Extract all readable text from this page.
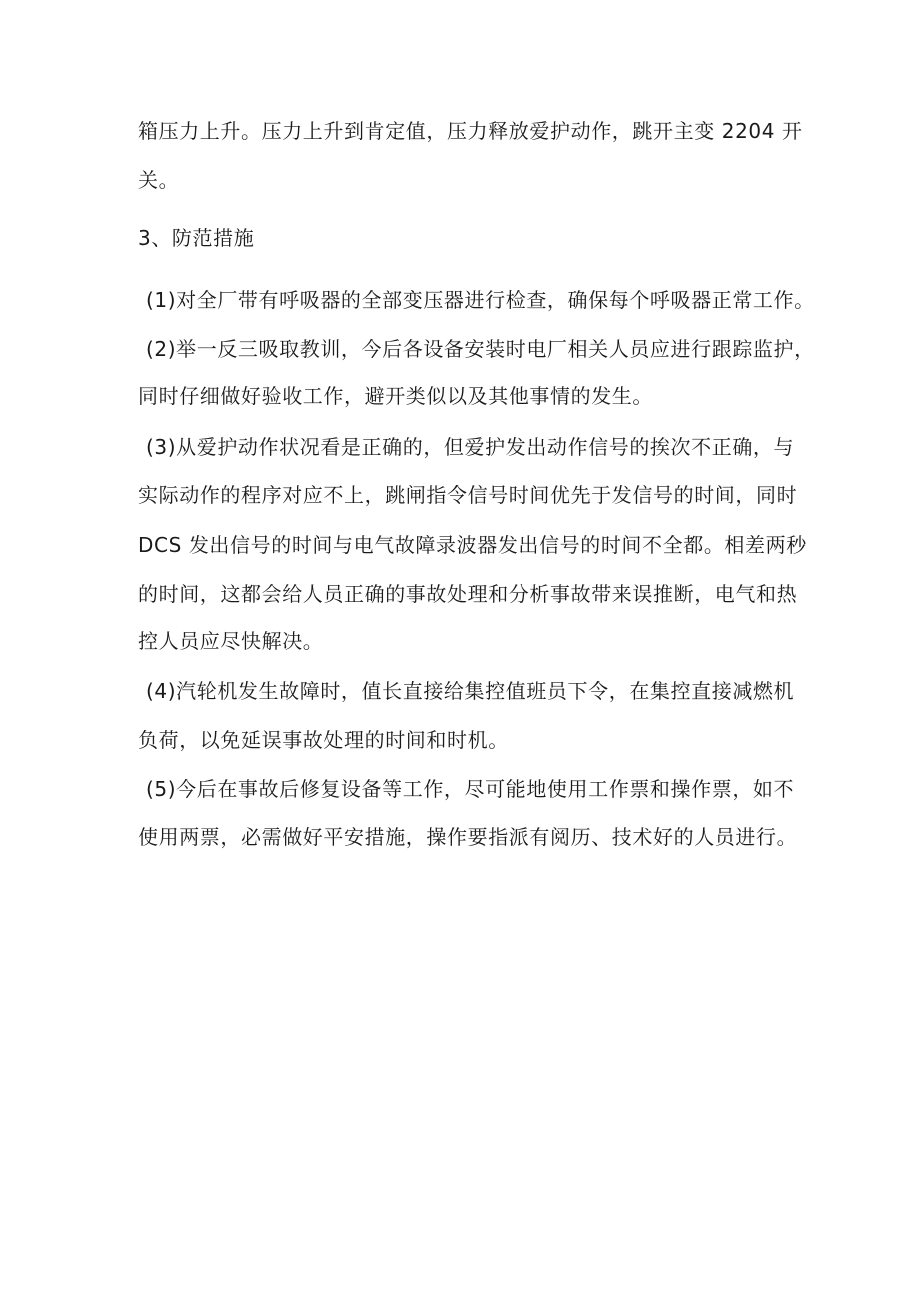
箱压力上升。压力上升到肯定值，压力释放爱护动作，跳开主变 2204 开
关。
3、防范措施
(1)对全厂带有呼吸器的全部变压器进行检查，确保每个呼吸器正常工作。
(2)举一反三吸取教训，今后各设备安装时电厂相关人员应进行跟踪监护，
同时仔细做好验收工作，避开类似以及其他事情的发生。
(3)从爱护动作状况看是正确的，但爱护发出动作信号的挨次不正确，与
实际动作的程序对应不上，跳闸指令信号时间优先于发信号的时间，同时
DCS 发出信号的时间与电气故障录波器发出信号的时间不全都。相差两秒
的时间，这都会给人员正确的事故处理和分析事故带来误推断，电气和热
控人员应尽快解决。
(4)汽轮机发生故障时，值长直接给集控值班员下令，在集控直接减燃机
负荷，以免延误事故处理的时间和时机。
(5)今后在事故后修复设备等工作，尽可能地使用工作票和操作票，如不
使用两票，必需做好平安措施，操作要指派有阅历、技术好的人员进行。
